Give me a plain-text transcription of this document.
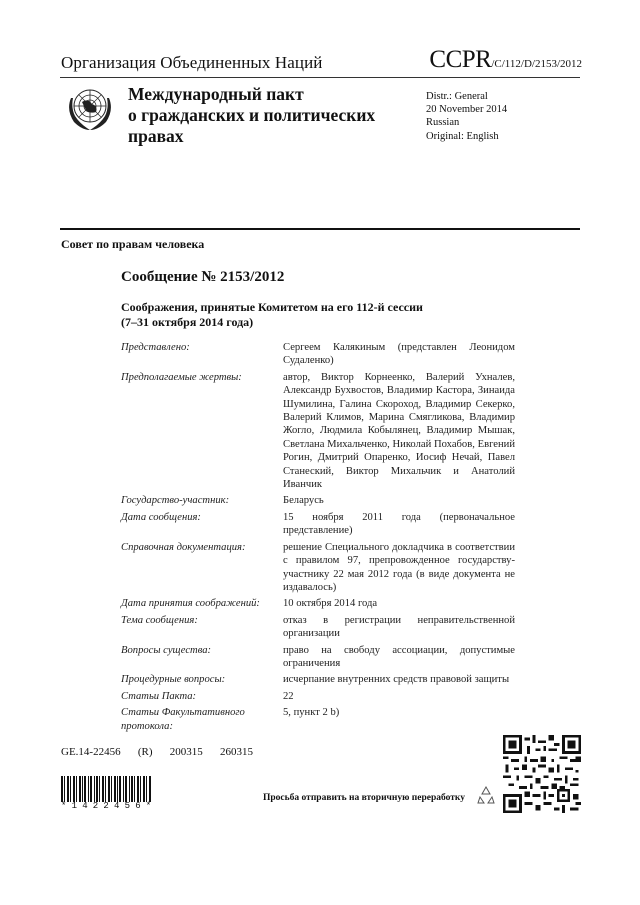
Организация Объединенных Наций	CCPR/C/112/D/2153/2012
Международный пакт
о гражданских и политических
правах
Distr.: General
20 November 2014
Russian
Original: English
Совет по правам человека
Сообщение № 2153/2012
Соображения, принятые Комитетом на его 112-й сессии
(7–31 октября 2014 года)
Представлено:	Сергеем Калякиным (представлен Леонидом Судаленко)
Предполагаемые жертвы:	автор, Виктор Корнеенко, Валерий Ухналев, Александр Бухвостов, Владимир Кастора, Зинаида Шумилина, Галина Скороход, Владимир Секерко, Валерий Климов, Марина Смягликова, Владимир Жогло, Людмила Кобылянец, Владимир Мышак, Светлана Михальченко, Николай Похабов, Евгений Рогин, Дмитрий Опаренко, Иосиф Нечай, Павел Станеский, Виктор Михальчик и Анатолий Иванчик
Государство-участник:	Беларусь
Дата сообщения:	15 ноября 2011 года (первоначальное представление)
Справочная документация:	решение Специального докладчика в соответствии с правилом 97, препровожденное государству-участнику 22 мая 2012 года (в виде документа не издавалось)
Дата принятия соображений:	10 октября 2014 года
Тема сообщения:	отказ в регистрации неправительственной организации
Вопросы существа:	право на свободу ассоциации, допустимые ограничения
Процедурные вопросы:	исчерпание внутренних средств правовой защиты
Статьи Пакта:	22
Статьи Факультативного протокола:
5, пункт 2 b)
GE.14-22456   (R)   200315   260315
*1422456*
Просьба отправить на вторичную переработку
